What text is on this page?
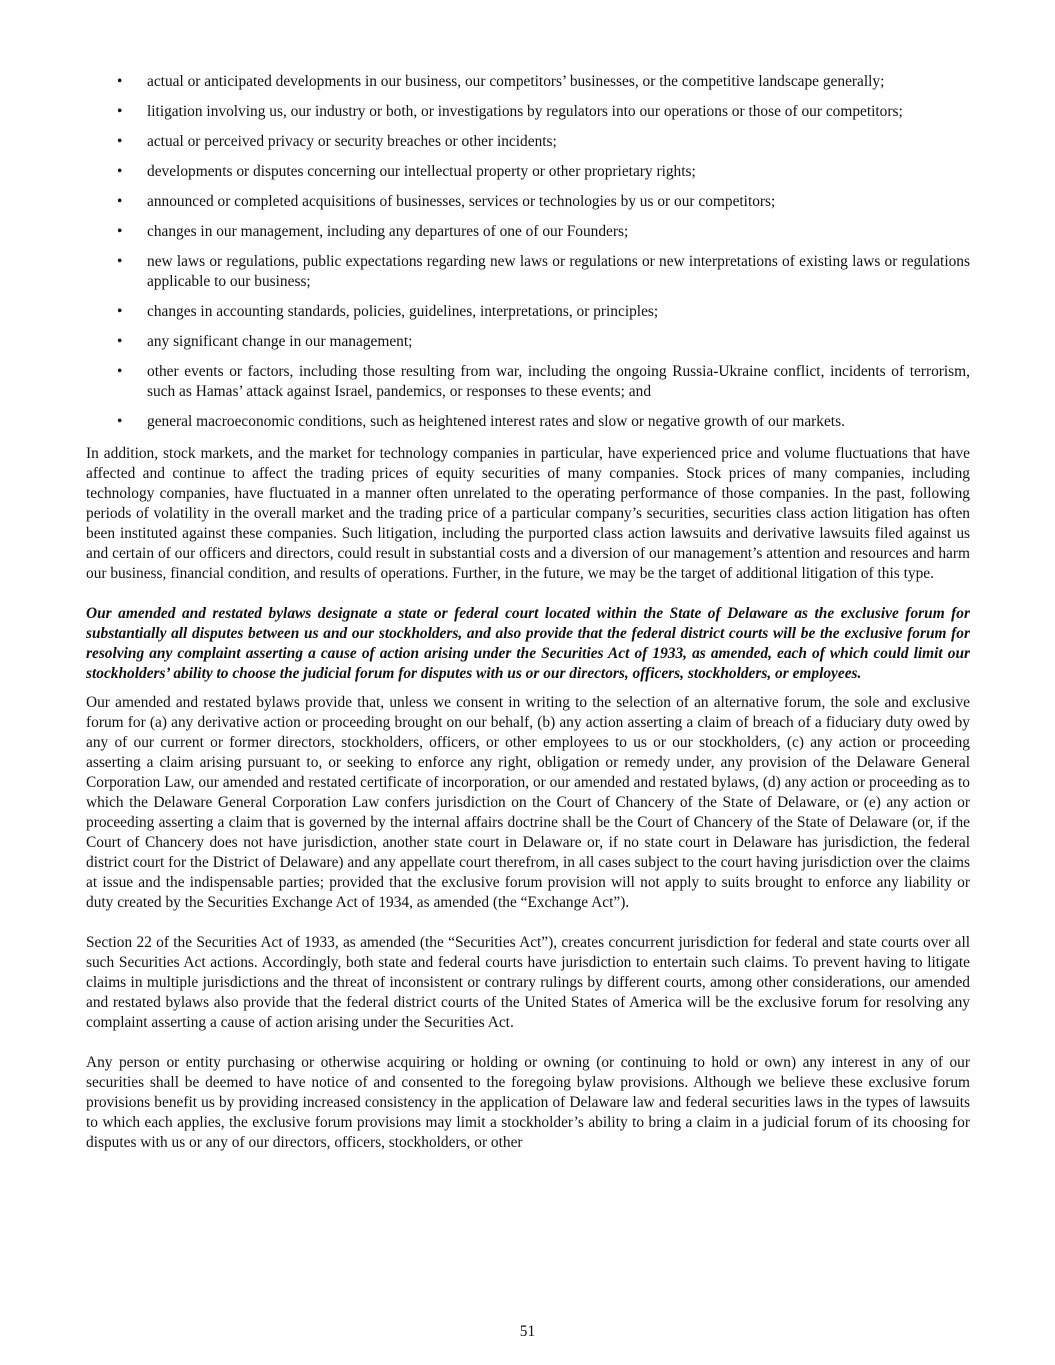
• actual or anticipated developments in our business, our competitors’ businesses, or the competitive landscape generally;
• litigation involving us, our industry or both, or investigations by regulators into our operations or those of our competitors;
• actual or perceived privacy or security breaches or other incidents;
• developments or disputes concerning our intellectual property or other proprietary rights;
• announced or completed acquisitions of businesses, services or technologies by us or our competitors;
• changes in our management, including any departures of one of our Founders;
• new laws or regulations, public expectations regarding new laws or regulations or new interpretations of existing laws or regulations applicable to our business;
• changes in accounting standards, policies, guidelines, interpretations, or principles;
• any significant change in our management;
• other events or factors, including those resulting from war, including the ongoing Russia-Ukraine conflict, incidents of terrorism, such as Hamas’ attack against Israel, pandemics, or responses to these events; and
• general macroeconomic conditions, such as heightened interest rates and slow or negative growth of our markets.

In addition, stock markets, and the market for technology companies in particular, have experienced price and volume fluctuations that have affected and continue to affect the trading prices of equity securities of many companies. Stock prices of many companies, including technology companies, have fluctuated in a manner often unrelated to the operating performance of those companies. In the past, following periods of volatility in the overall market and the trading price of a particular company’s securities, securities class action litigation has often been instituted against these companies. Such litigation, including the purported class action lawsuits and derivative lawsuits filed against us and certain of our officers and directors, could result in substantial costs and a diversion of our management’s attention and resources and harm our business, financial condition, and results of operations. Further, in the future, we may be the target of additional litigation of this type.

Our amended and restated bylaws designate a state or federal court located within the State of Delaware as the exclusive forum for substantially all disputes between us and our stockholders, and also provide that the federal district courts will be the exclusive forum for resolving any complaint asserting a cause of action arising under the Securities Act of 1933, as amended, each of which could limit our stockholders’ ability to choose the judicial forum for disputes with us or our directors, officers, stockholders, or employees.

Our amended and restated bylaws provide that, unless we consent in writing to the selection of an alternative forum, the sole and exclusive forum for (a) any derivative action or proceeding brought on our behalf, (b) any action asserting a claim of breach of a fiduciary duty owed by any of our current or former directors, stockholders, officers, or other employees to us or our stockholders, (c) any action or proceeding asserting a claim arising pursuant to, or seeking to enforce any right, obligation or remedy under, any provision of the Delaware General Corporation Law, our amended and restated certificate of incorporation, or our amended and restated bylaws, (d) any action or proceeding as to which the Delaware General Corporation Law confers jurisdiction on the Court of Chancery of the State of Delaware, or (e) any action or proceeding asserting a claim that is governed by the internal affairs doctrine shall be the Court of Chancery of the State of Delaware (or, if the Court of Chancery does not have jurisdiction, another state court in Delaware or, if no state court in Delaware has jurisdiction, the federal district court for the District of Delaware) and any appellate court therefrom, in all cases subject to the court having jurisdiction over the claims at issue and the indispensable parties; provided that the exclusive forum provision will not apply to suits brought to enforce any liability or duty created by the Securities Exchange Act of 1934, as amended (the “Exchange Act”).

Section 22 of the Securities Act of 1933, as amended (the “Securities Act”), creates concurrent jurisdiction for federal and state courts over all such Securities Act actions. Accordingly, both state and federal courts have jurisdiction to entertain such claims. To prevent having to litigate claims in multiple jurisdictions and the threat of inconsistent or contrary rulings by different courts, among other considerations, our amended and restated bylaws also provide that the federal district courts of the United States of America will be the exclusive forum for resolving any complaint asserting a cause of action arising under the Securities Act.

Any person or entity purchasing or otherwise acquiring or holding or owning (or continuing to hold or own) any interest in any of our securities shall be deemed to have notice of and consented to the foregoing bylaw provisions. Although we believe these exclusive forum provisions benefit us by providing increased consistency in the application of Delaware law and federal securities laws in the types of lawsuits to which each applies, the exclusive forum provisions may limit a stockholder’s ability to bring a claim in a judicial forum of its choosing for disputes with us or any of our directors, officers, stockholders, or other

51
